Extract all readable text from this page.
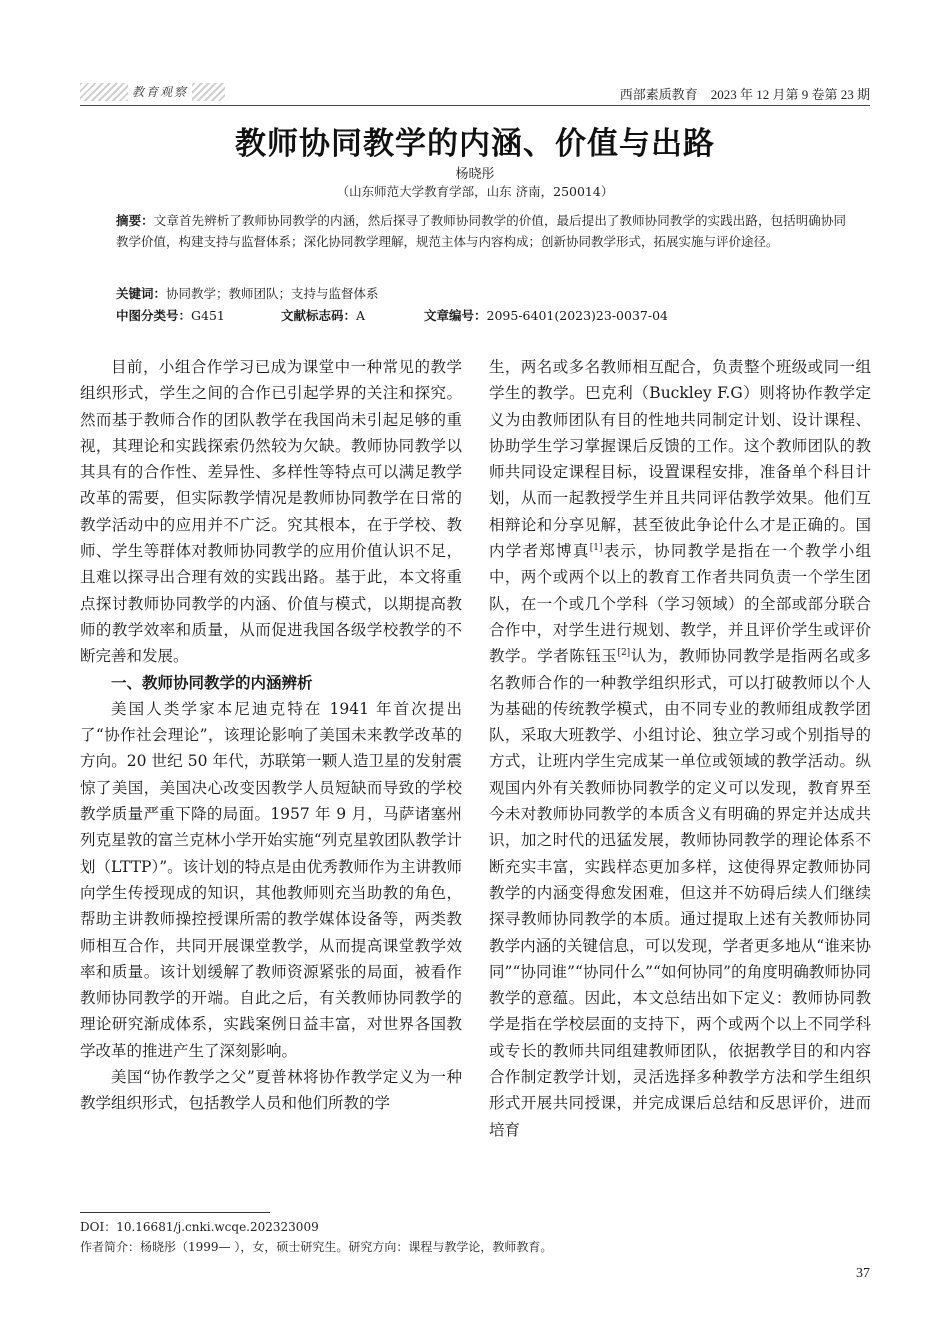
教育观察	西部素质教育　2023 年 12 月第 9 卷第 23 期
教师协同教学的内涵、价值与出路
杨晓彤
（山东师范大学教育学部，山东 济南，250014）
摘要：文章首先辨析了教师协同教学的内涵，然后探寻了教师协同教学的价值，最后提出了教师协同教学的实践出路，包括明确协同教学价值，构建支持与监督体系；深化协同教学理解，规范主体与内容构成；创新协同教学形式，拓展实施与评价途径。
关键词：协同教学；教师团队；支持与监督体系
中图分类号：G451	文献标志码：A	文章编号：2095-6401(2023)23-0037-04

目前，小组合作学习已成为课堂中一种常见的教学组织形式，学生之间的合作已引起学界的关注和探究。然而基于教师合作的团队教学在我国尚未引起足够的重视，其理论和实践探索仍然较为欠缺。教师协同教学以其具有的合作性、差异性、多样性等特点可以满足教学改革的需要，但实际教学情况是教师协同教学在日常的教学活动中的应用并不广泛。究其根本，在于学校、教师、学生等群体对教师协同教学的应用价值认识不足，且难以探寻出合理有效的实践出路。基于此，本文将重点探讨教师协同教学的内涵、价值与模式，以期提高教师的教学效率和质量，从而促进我国各级学校教学的不断完善和发展。

一、教师协同教学的内涵辨析

美国人类学家本尼迪克特在 1941 年首次提出了“协作社会理论”，该理论影响了美国未来教学改革的方向。20 世纪 50 年代，苏联第一颗人造卫星的发射震惊了美国，美国决心改变因教学人员短缺而导致的学校教学质量严重下降的局面。1957 年 9 月，马萨诸塞州列克星敦的富兰克林小学开始实施“列克星敦团队教学计划（LTTP）”。该计划的特点是由优秀教师作为主讲教师向学生传授现成的知识，其他教师则充当助教的角色，帮助主讲教师操控授课所需的教学媒体设备等，两类教师相互合作，共同开展课堂教学，从而提高课堂教学效率和质量。该计划缓解了教师资源紧张的局面，被看作教师协同教学的开端。自此之后，有关教师协同教学的理论研究渐成体系，实践案例日益丰富，对世界各国教学改革的推进产生了深刻影响。

美国“协作教学之父”夏普林将协作教学定义为一种教学组织形式，包括教学人员和他们所教的学

生，两名或多名教师相互配合，负责整个班级或同一组学生的教学。巴克利（Buckley F.G）则将协作教学定义为由教师团队有目的性地共同制定计划、设计课程、协助学生学习掌握课后反馈的工作。这个教师团队的教师共同设定课程目标，设置课程安排，准备单个科目计划，从而一起教授学生并且共同评估教学效果。他们互相辩论和分享见解，甚至彼此争论什么才是正确的。国内学者郑博真[1]表示，协同教学是指在一个教学小组中，两个或两个以上的教育工作者共同负责一个学生团队，在一个或几个学科（学习领域）的全部或部分联合合作中，对学生进行规划、教学，并且评价学生或评价教学。学者陈钰玉[2]认为，教师协同教学是指两名或多名教师合作的一种教学组织形式，可以打破教师以个人为基础的传统教学模式，由不同专业的教师组成教学团队，采取大班教学、小组讨论、独立学习或个别指导的方式，让班内学生完成某一单位或领域的教学活动。纵观国内外有关教师协同教学的定义可以发现，教育界至今未对教师协同教学的本质含义有明确的界定并达成共识，加之时代的迅猛发展，教师协同教学的理论体系不断充实丰富，实践样态更加多样，这使得界定教师协同教学的内涵变得愈发困难，但这并不妨碍后续人们继续探寻教师协同教学的本质。通过提取上述有关教师协同教学内涵的关键信息，可以发现，学者更多地从“谁来协同”“协同谁”“协同什么”“如何协同”的角度明确教师协同教学的意蕴。因此，本文总结出如下定义：教师协同教学是指在学校层面的支持下，两个或两个以上不同学科或专长的教师共同组建教师团队，依据教学目的和内容合作制定教学计划，灵活选择多种教学方法和学生组织形式开展共同授课，并完成课后总结和反思评价，进而培育

DOI：10.16681/j.cnki.wcqe.202323009
作者简介：杨晓彤（1999— ），女，硕士研究生。研究方向：课程与教学论，教师教育。
37
